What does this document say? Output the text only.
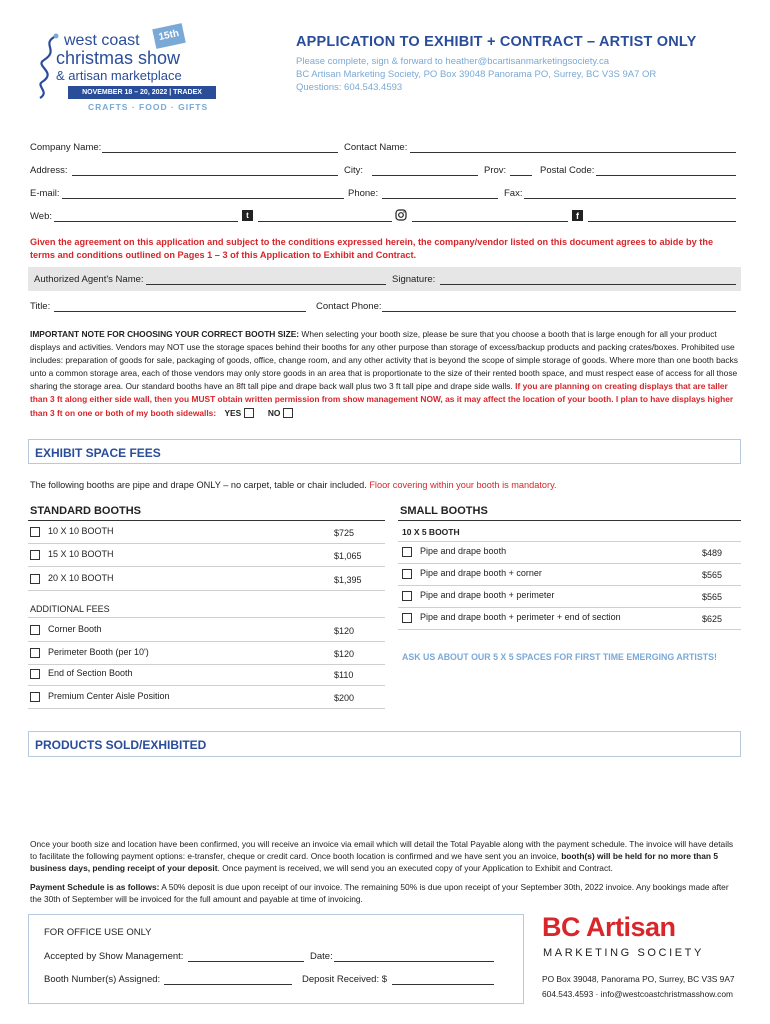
west coast	15th
christmas show
& artisan marketplace
NOVEMBER 18 – 20, 2022 | TRADEX
CRAFTS · FOOD · GIFTS
APPLICATION TO EXHIBIT + CONTRACT – ARTIST ONLY
Please complete, sign & forward to heather@bcartisanmarketingsociety.ca
BC Artisan Marketing Society, PO Box 39048 Panorama PO, Surrey, BC V3S 9A7 OR
Questions: 604.543.4593
Company Name:	Contact Name:
Address:	City:	Prov:	Postal Code:
E-mail:	Phone:	Fax:
Web:	t	f
Given the agreement on this application and subject to the conditions expressed herein, the company/vendor listed on this document agrees to abide by the terms and conditions outlined on Pages 1 – 3 of this Application to Exhibit and Contract.
Authorized Agent's Name:	Signature:
Title:	Contact Phone:
IMPORTANT NOTE FOR CHOOSING YOUR CORRECT BOOTH SIZE: When selecting your booth size, please be sure that you choose a booth that is large enough for all your product displays and activities. Vendors may NOT use the storage spaces behind their booths for any other purpose than storage of excess/backup products and packing crates/boxes. Prohibited use includes: preparation of goods for sale, packaging of goods, office, change room, and any other activity that is beyond the scope of simple storage of goods. Where more than one booth backs unto a common storage area, each of those vendors may only store goods in an area that is proportionate to the size of their rented booth space, and must respect ease of access for all those sharing the storage area. Our standard booths have an 8ft tall pipe and drape back wall plus two 3 ft tall pipe and drape side walls. If you are planning on creating displays that are taller than 3 ft along either side wall, then you MUST obtain written permission from show management NOW, as it may affect the location of your booth. I plan to have displays higher than 3 ft on one or both of my booth sidewalls: YES	NO
EXHIBIT SPACE FEES
The following booths are pipe and drape ONLY – no carpet, table or chair included. Floor covering within your booth is mandatory.
STANDARD BOOTHS	SMALL BOOTHS
10 X 10 BOOTH	$725
15 X 10 BOOTH	$1,065
20 X 10 BOOTH	$1,395
ADDITIONAL FEES
Corner Booth	$120
Perimeter Booth (per 10')	$120
End of Section Booth	$110
Premium Center Aisle Position	$200
10 X 5 BOOTH
Pipe and drape booth	$489
Pipe and drape booth + corner	$565
Pipe and drape booth + perimeter	$565
Pipe and drape booth + perimeter + end of section	$625
ASK US ABOUT OUR 5 X 5 SPACES FOR FIRST TIME EMERGING ARTISTS!
PRODUCTS SOLD/EXHIBITED
Once your booth size and location have been confirmed, you will receive an invoice via email which will detail the Total Payable along with the payment schedule. The invoice will have details to facilitate the following payment options: e-transfer, cheque or credit card. Once booth location is confirmed and we have sent you an invoice, booth(s) will be held for no more than 5 business days, pending receipt of your deposit. Once payment is received, we will send you an executed copy of your Application to Exhibit and Contract.
Payment Schedule is as follows: A 50% deposit is due upon receipt of our invoice. The remaining 50% is due upon receipt of your September 30th, 2022 invoice. Any bookings made after the 30th of September will be invoiced for the full amount and payable at time of invoicing.
FOR OFFICE USE ONLY
Accepted by Show Management:	Date:
Booth Number(s) Assigned:	Deposit Received: $
BC Artisan
MARKETING SOCIETY
PO Box 39048, Panorama PO, Surrey, BC V3S 9A7
604.543.4593 · info@westcoastchristmasshow.com
